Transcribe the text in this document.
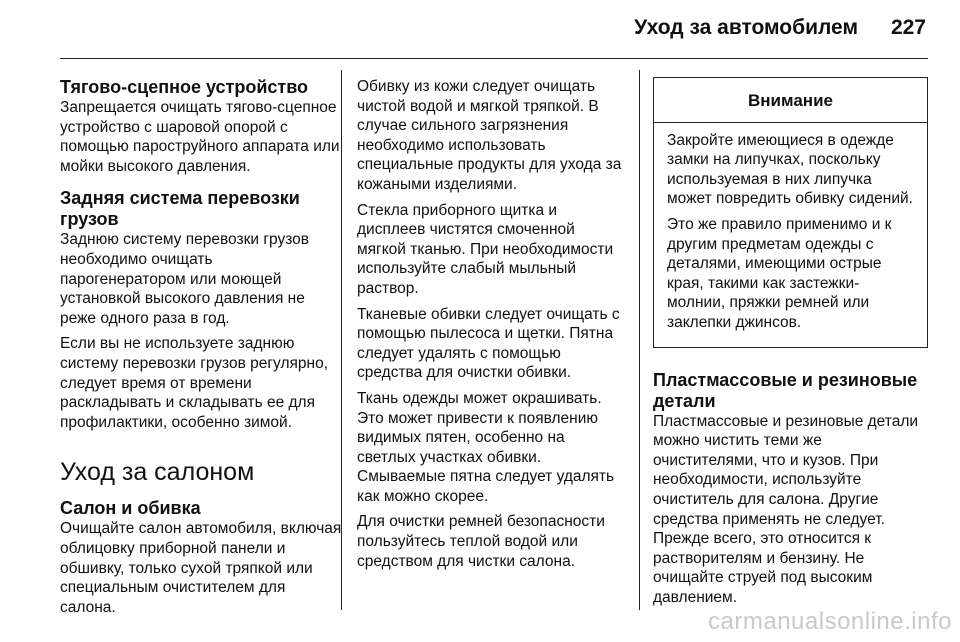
Уход за автомобилем 227
Тягово-сцепное устройство

Запрещается очищать тягово-сцепное устройство с шаровой опорой с помощью пароструйного аппарата или мойки высокого давления.

Задняя система перевозки грузов

Заднюю систему перевозки грузов необходимо очищать парогенератором или моющей установкой высокого давления не реже одного раза в год.

Если вы не используете заднюю систему перевозки грузов регулярно, следует время от времени раскладывать и складывать ее для профилактики, особенно зимой.

Уход за салоном
Салон и обивка

Очищайте салон автомобиля, включая облицовку приборной панели и обшивку, только сухой тряпкой или специальным очистителем для салона.

Обивку из кожи следует очищать чистой водой и мягкой тряпкой. В случае сильного загрязнения необходимо использовать специальные продукты для ухода за кожаными изделиями.

Стекла приборного щитка и дисплеев чистятся смоченной мягкой тканью. При необходимости используйте слабый мыльный раствор.

Тканевые обивки следует очищать с помощью пылесоса и щетки. Пятна следует удалять с помощью средства для очистки обивки.

Ткань одежды может окрашивать. Это может привести к появлению видимых пятен, особенно на светлых участках обивки. Смываемые пятна следует удалять как можно скорее.

Для очистки ремней безопасности пользуйтесь теплой водой или средством для чистки салона.

Внимание

Закройте имеющиеся в одежде замки на липучках, поскольку используемая в них липучка может повредить обивку сидений.

Это же правило применимо и к другим предметам одежды с деталями, имеющими острые края, такими как застежки-молнии, пряжки ремней или заклепки джинсов.

Пластмассовые и резиновые детали

Пластмассовые и резиновые детали можно чистить теми же очистителями, что и кузов. При необходимости, используйте очиститель для салона. Другие средства применять не следует. Прежде всего, это относится к растворителям и бензину. Не очищайте струей под высоким давлением.

carmanualsonline.info
